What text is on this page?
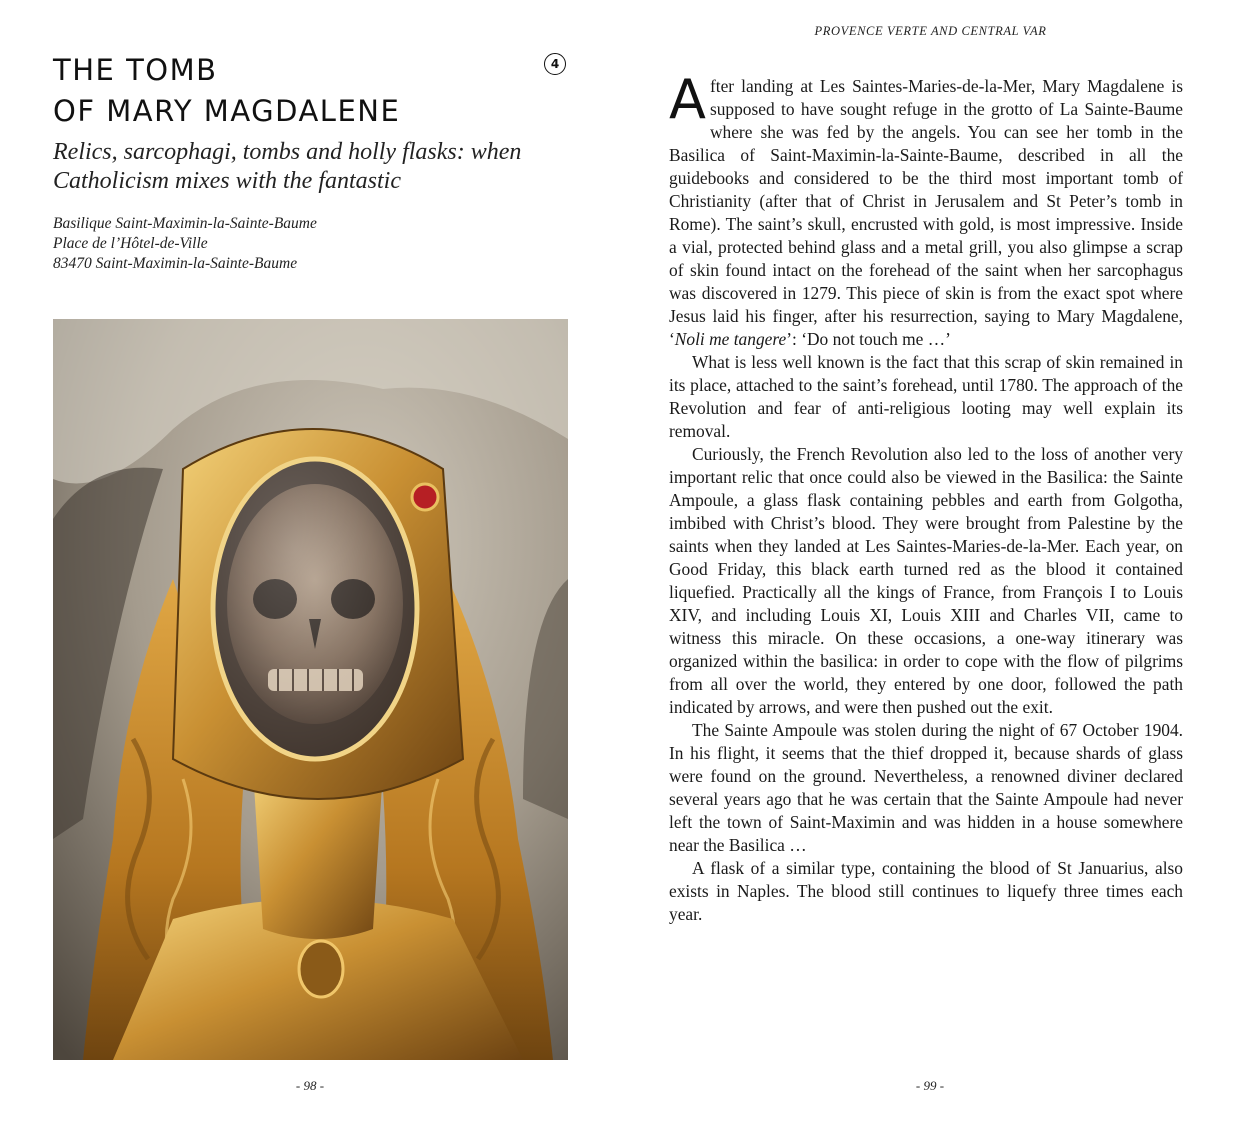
THE TOMB
OF MARY MAGDALENE
4

Relics, sarcophagi, tombs and holly flasks: when Catholicism mixes with the fantastic

Basilique Saint-Maximin-la-Sainte-Baume
Place de l’Hôtel-de-Ville
83470 Saint-Maximin-la-Sainte-Baume
- 98 -
PROVENCE VERTE AND CENTRAL VAR

After landing at Les Saintes-Maries-de-la-Mer, Mary Magdalene is supposed to have sought refuge in the grotto of La Sainte-Baume where she was fed by the angels. You can see her tomb in the Basilica of Saint-Maximin-la-Sainte-Baume, described in all the guidebooks and considered to be the third most important tomb of Christianity (after that of Christ in Jerusalem and St Peter’s tomb in Rome). The saint’s skull, encrusted with gold, is most impressive. Inside a vial, protected behind glass and a metal grill, you also glimpse a scrap of skin found intact on the forehead of the saint when her sarcophagus was discovered in 1279. This piece of skin is from the exact spot where Jesus laid his finger, after his resurrection, saying to Mary Magdalene, ‘Noli me tangere’: ‘Do not touch me …’

What is less well known is the fact that this scrap of skin remained in its place, attached to the saint’s forehead, until 1780. The approach of the Revolution and fear of anti-religious looting may well explain its removal.

Curiously, the French Revolution also led to the loss of another very important relic that once could also be viewed in the Basilica: the Sainte Ampoule, a glass flask containing pebbles and earth from Golgotha, imbibed with Christ’s blood. They were brought from Palestine by the saints when they landed at Les Saintes-Maries-de-la-Mer. Each year, on Good Friday, this black earth turned red as the blood it contained liquefied. Practically all the kings of France, from François I to Louis XIV, and including Louis XI, Louis XIII and Charles VII, came to witness this miracle. On these occasions, a one-way itinerary was organized within the basilica: in order to cope with the flow of pilgrims from all over the world, they entered by one door, followed the path indicated by arrows, and were then pushed out the exit.

The Sainte Ampoule was stolen during the night of 67 October 1904. In his flight, it seems that the thief dropped it, because shards of glass were found on the ground. Nevertheless, a renowned diviner declared several years ago that he was certain that the Sainte Ampoule had never left the town of Saint-Maximin and was hidden in a house somewhere near the Basilica …

A flask of a similar type, containing the blood of St Januarius, also exists in Naples. The blood still continues to liquefy three times each year.

- 99 -
